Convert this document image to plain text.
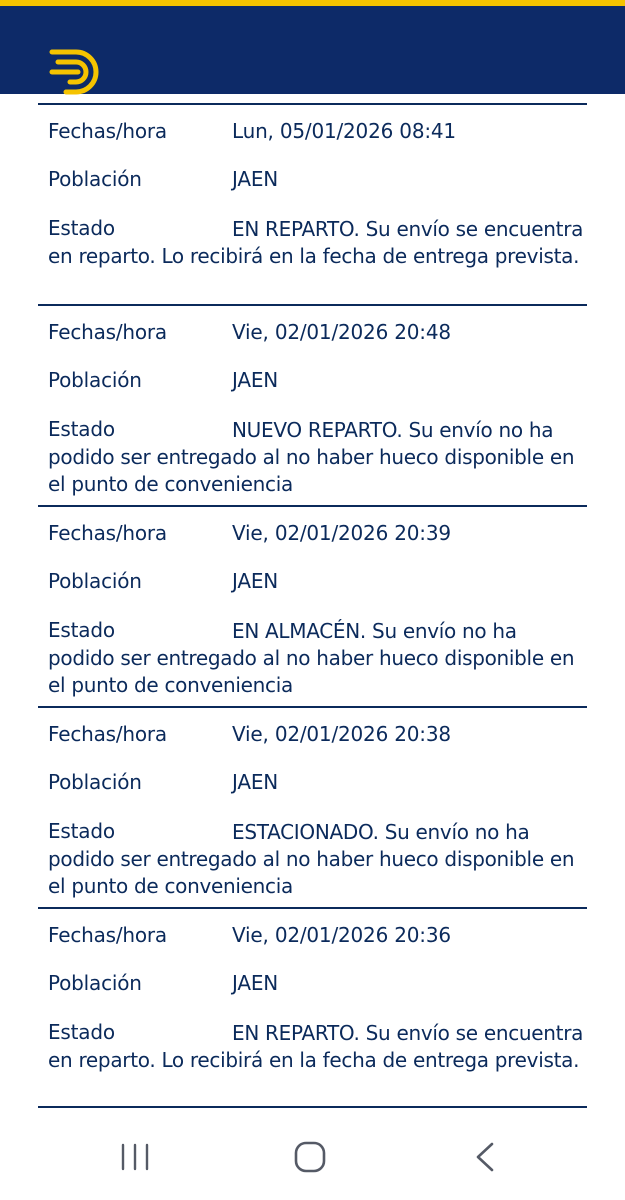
Fechas/hora	Lun, 05/01/2026 08:41
Población	JAEN
Estado	EN REPARTO. Su envío se encuentra en reparto. Lo recibirá en la fecha de entrega prevista.

Fechas/hora	Vie, 02/01/2026 20:48
Población	JAEN
Estado	NUEVO REPARTO. Su envío no ha podido ser entregado al no haber hueco disponible en el punto de conveniencia

Fechas/hora	Vie, 02/01/2026 20:39
Población	JAEN
Estado	EN ALMACÉN. Su envío no ha podido ser entregado al no haber hueco disponible en el punto de conveniencia

Fechas/hora	Vie, 02/01/2026 20:38
Población	JAEN
Estado	ESTACIONADO. Su envío no ha podido ser entregado al no haber hueco disponible en el punto de conveniencia

Fechas/hora	Vie, 02/01/2026 20:36
Población	JAEN
Estado	EN REPARTO. Su envío se encuentra en reparto. Lo recibirá en la fecha de entrega prevista.
